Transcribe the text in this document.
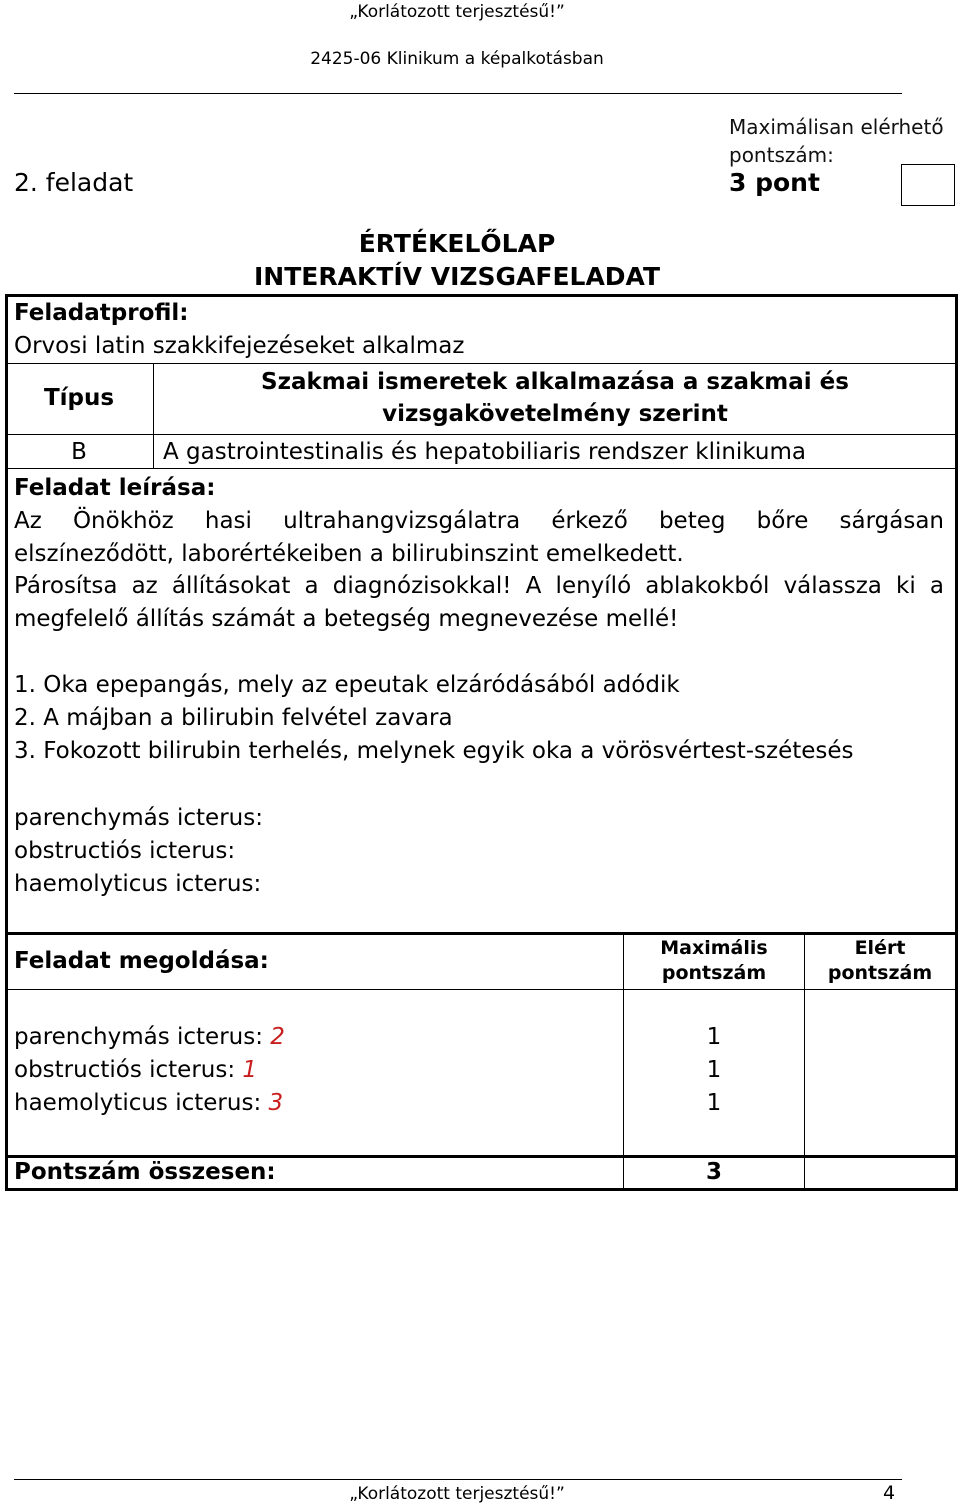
„Korlátozott terjesztésű!”
2425-06 Klinikum a képalkotásban
Maximálisan elérhető
pontszám:
2. feladat	3 pont
ÉRTÉKELŐLAP
INTERAKTÍV VIZSGAFELADAT
Feladatprofil:
Orvosi latin szakkifejezéseket alkalmaz
Típus
Szakmai ismeretek alkalmazása a szakmai és
vizsgakövetelmény szerint
B	A gastrointestinalis és hepatobiliaris rendszer klinikuma
Feladat leírása:
Az Önökhöz hasi ultrahangvizsgálatra érkező beteg bőre sárgásan
elszíneződött, laborértékeiben a bilirubinszint emelkedett.
Párosítsa az állításokat a diagnózisokkal! A lenyíló ablakokból válassza ki a
megfelelő állítás számát a betegség megnevezése mellé!
1. Oka epepangás, mely az epeutak elzáródásából adódik
2. A májban a bilirubin felvétel zavara
3. Fokozott bilirubin terhelés, melynek egyik oka a vörösvértest-szétesés
parenchymás icterus:
obstructiós icterus:
haemolyticus icterus:
Feladat megoldása:	Maximális
pontszám
Elért
pontszám
parenchymás icterus: 2	1
obstructiós icterus: 1	1
haemolyticus icterus: 3	1
Pontszám összesen:	3
„Korlátozott terjesztésű!”	4
